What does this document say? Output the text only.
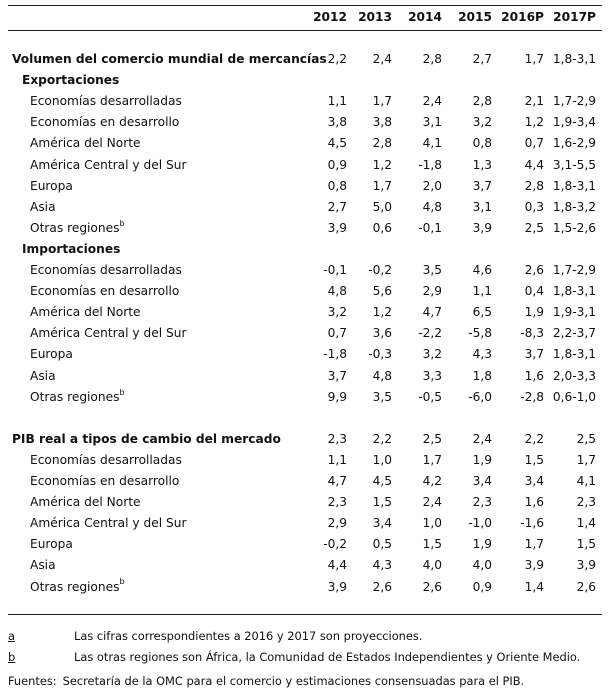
2012 2013	2014	2015 2016P 2017P
Volumen del comercio mundial de mercancías 2,2	2,4	2,8	2,7	1,7 1,8-3,1
Exportaciones
Economías desarrolladas	1,1	1,7	2,4	2,8	2,1 1,7-2,9
Economías en desarrollo	3,8	3,8	3,1	3,2	1,2 1,9-3,4
América del Norte	4,5	2,8	4,1	0,8	0,7 1,6-2,9
América Central y del Sur	0,9	1,2	-1,8	1,3	4,4 3,1-5,5
Europa	0,8	1,7	2,0	3,7	2,8 1,8-3,1
Asia	2,7	5,0	4,8	3,1	0,3 1,8-3,2
Otras regiones$^b$	3,9	0,6	-0,1	3,9	2,5 1,5-2,6
Importaciones
Economías desarrolladas	-0,1	-0,2	3,5	4,6	2,6 1,7-2,9
Economías en desarrollo	4,8	5,6	2,9	1,1	0,4 1,8-3,1
América del Norte	3,2	1,2	4,7	6,5	1,9 1,9-3,1
América Central y del Sur	0,7	3,6	-2,2	-5,8	-8,3 2,2-3,7
Europa	-1,8	-0,3	3,2	4,3	3,7 1,8-3,1
Asia	3,7	4,8	3,3	1,8	1,6 2,0-3,3
Otras regiones$^b$	9,9	3,5	-0,5	-6,0	-2,8 0,6-1,0
PIB real a tipos de cambio del mercado	2,3	2,2	2,5	2,4	2,2	2,5
Economías desarrolladas	1,1	1,0	1,7	1,9	1,5	1,7
Economías en desarrollo	4,7	4,5	4,2	3,4	3,4	4,1
América del Norte	2,3	1,5	2,4	2,3	1,6	2,3
América Central y del Sur	2,9	3,4	1,0	-1,0	-1,6	1,4
Europa	-0,2	0,5	1,5	1,9	1,7	1,5
Asia	4,4	4,3	4,0	4,0	3,9	3,9
Otras regiones$^b$	3,9	2,6	2,6	0,9	1,4	2,6
a	Las cifras correspondientes a 2016 y 2017 son proyecciones.
b	Las otras regiones son África, la Comunidad de Estados Independientes y Oriente Medio.
Fuentes: Secretaría de la OMC para el comercio y estimaciones consensuadas para el PIB.
